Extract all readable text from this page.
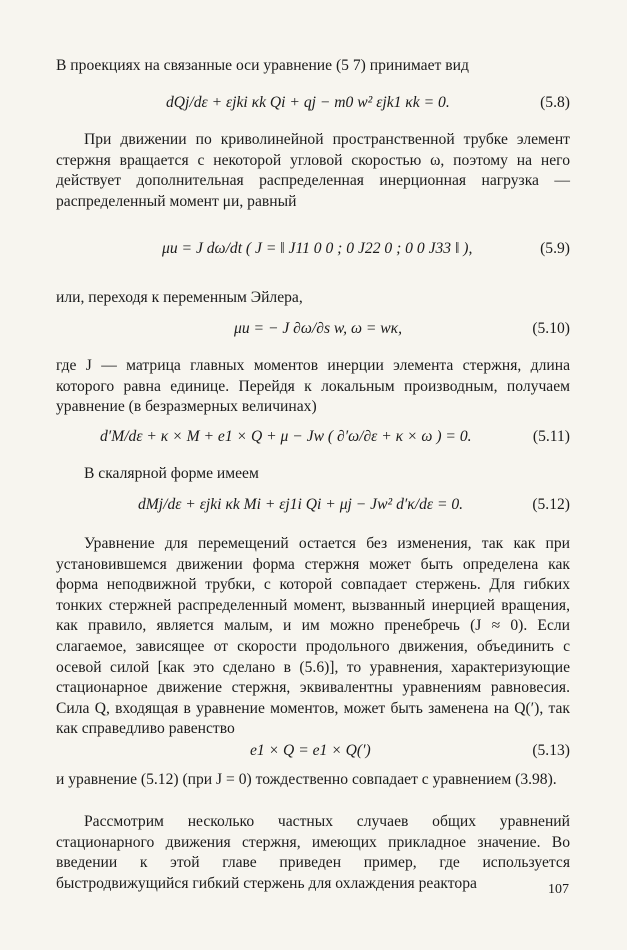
В проекциях на связанные оси уравнение (5 7) принимает вид

dQj/dε + εjki κk Qi + qj − m0 w² εjk1 κk = 0.	(5.8)

При движении по криволинейной пространственной трубке элемент стержня вращается с некоторой угловой скоростью ω, поэтому на него действует дополнительная распределенная инерционная нагрузка — распределенный момент μи, равный

μи = J dω/dt ( J = ‖ J11 0 0 ; 0 J22 0 ; 0 0 J33 ‖ ),	(5.9)

или, переходя к переменным Эйлера,

μи = − J ∂ω/∂s w, ω = wκ,	(5.10)

где J — матрица главных моментов инерции элемента стержня, длина которого равна единице. Перейдя к локальным производным, получаем уравнение (в безразмерных величинах)

d′M/dε + κ × M + e1 × Q + μ − Jw ( ∂′ω/∂ε + κ × ω ) = 0.	(5.11)

В скалярной форме имеем

dMj/dε + εjki κk Mi + εj1i Qi + μj − Jw² d′κ/dε = 0.	(5.12)

Уравнение для перемещений остается без изменения, так как при установившемся движении форма стержня может быть определена как форма неподвижной трубки, с которой совпадает стержень. Для гибких тонких стержней распределенный момент, вызванный инерцией вращения, как правило, является малым, и им можно пренебречь (J ≈ 0). Если слагаемое, зависящее от скорости продольного движения, объединить с осевой силой [как это сделано в (5.6)], то уравнения, характеризующие стационарное движение стержня, эквивалентны уравнениям равновесия. Сила Q, входящая в уравнение моментов, может быть заменена на Q(′), так как справедливо равенство

e1 × Q = e1 × Q(′)	(5.13)

и уравнение (5.12) (при J = 0) тождественно совпадает с уравнением (3.98).

Рассмотрим несколько частных случаев общих уравнений стационарного движения стержня, имеющих прикладное значение. Во введении к этой главе приведен пример, где используется быстродвижущийся гибкий стержень для охлаждения реактора	107
